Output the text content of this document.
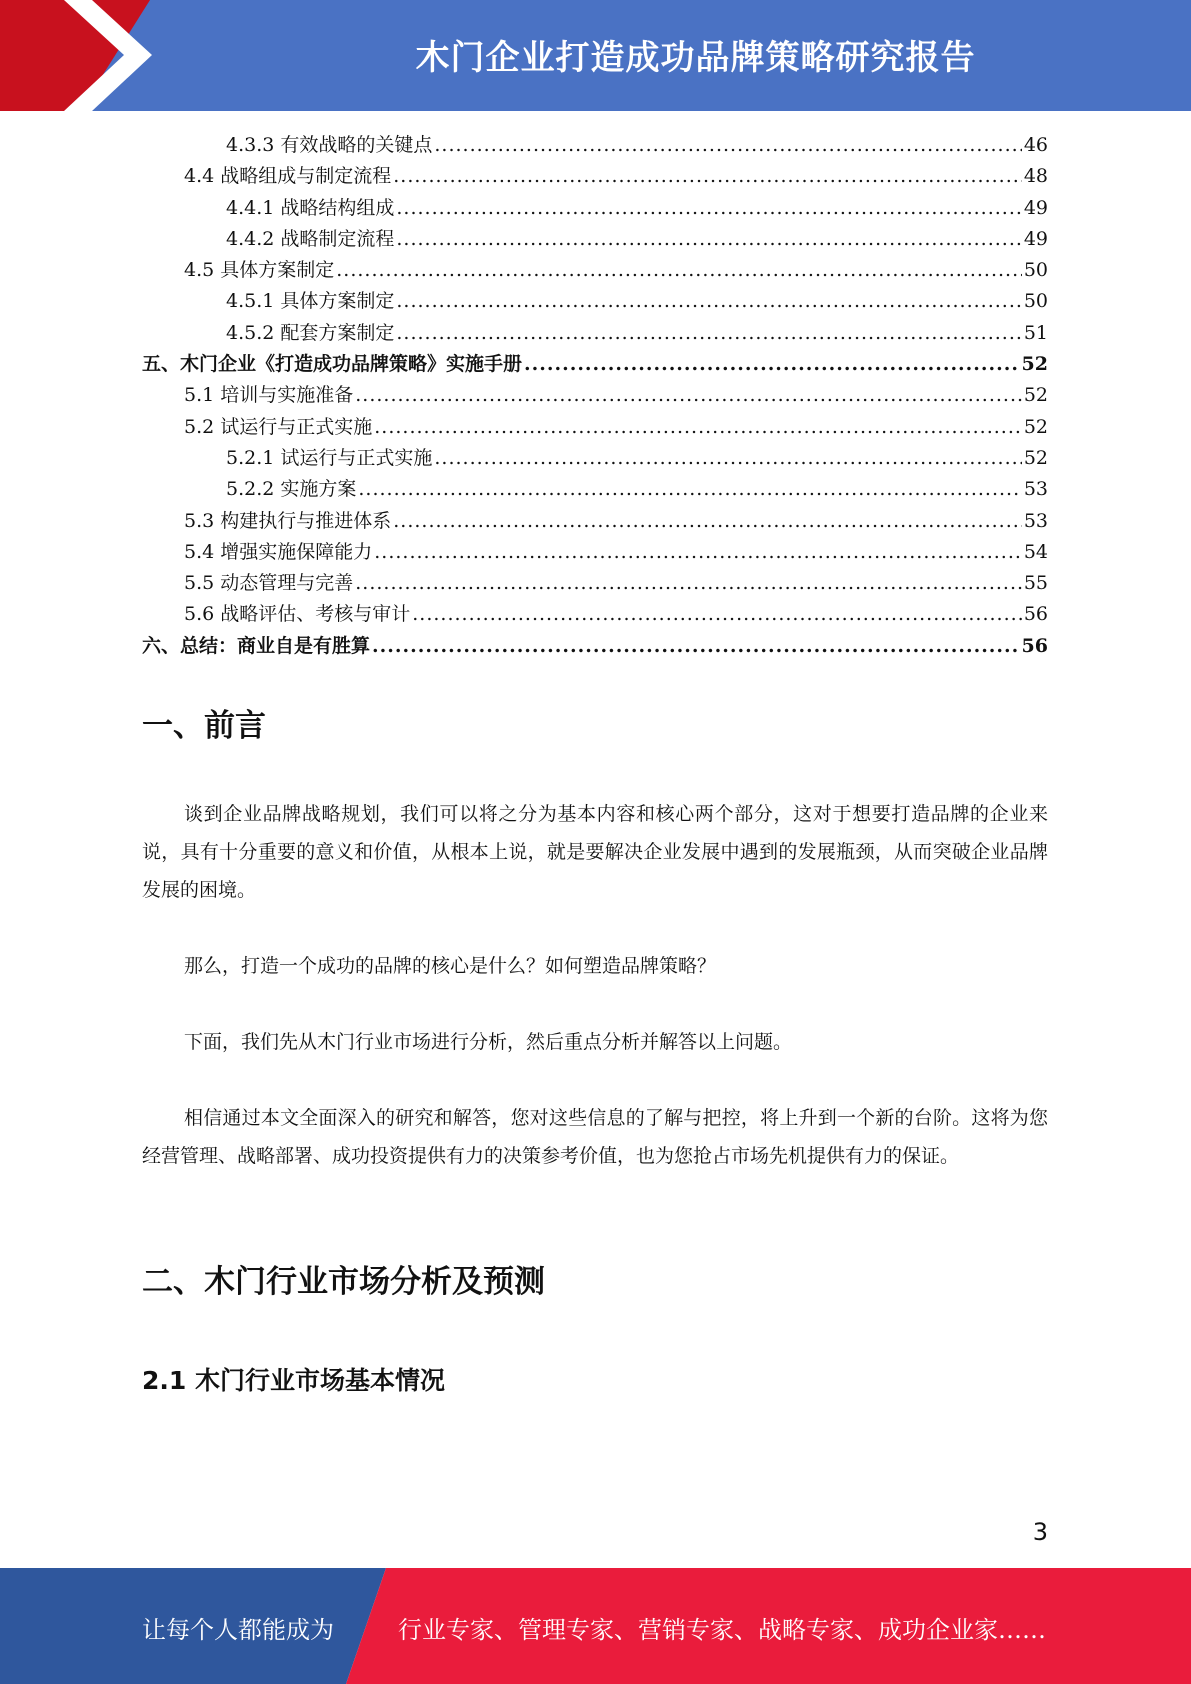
木门企业打造成功品牌策略研究报告
4.3.3 有效战略的关键点 .....	46
4.4 战略组成与制定流程 .....	48
4.4.1 战略结构组成 .....	49
4.4.2 战略制定流程 .....	49
4.5 具体方案制定 .....	50
4.5.1 具体方案制定 .....	50
4.5.2 配套方案制定 .....	51
五、木门企业《打造成功品牌策略》实施手册 .....	52
5.1 培训与实施准备 .....	52
5.2 试运行与正式实施 .....	52
5.2.1 试运行与正式实施 .....	52
5.2.2 实施方案 .....	53
5.3 构建执行与推进体系 .....	53
5.4 增强实施保障能力 .....	54
5.5 动态管理与完善 .....	55
5.6 战略评估、考核与审计 .....	56
六、总结：商业自是有胜算 .....	56
一、前言

谈到企业品牌战略规划，我们可以将之分为基本内容和核心两个部分，这对于想要打造品牌的企业来说，具有十分重要的意义和价值，从根本上说，就是要解决企业发展中遇到的发展瓶颈，从而突破企业品牌发展的困境。

那么，打造一个成功的品牌的核心是什么？如何塑造品牌策略？

下面，我们先从木门行业市场进行分析，然后重点分析并解答以上问题。

相信通过本文全面深入的研究和解答，您对这些信息的了解与把控，将上升到一个新的台阶。这将为您经营管理、战略部署、成功投资提供有力的决策参考价值，也为您抢占市场先机提供有力的保证。

二、木门行业市场分析及预测
2.1 木门行业市场基本情况
3
让每个人都能成为	行业专家、管理专家、营销专家、战略专家、成功企业家……
